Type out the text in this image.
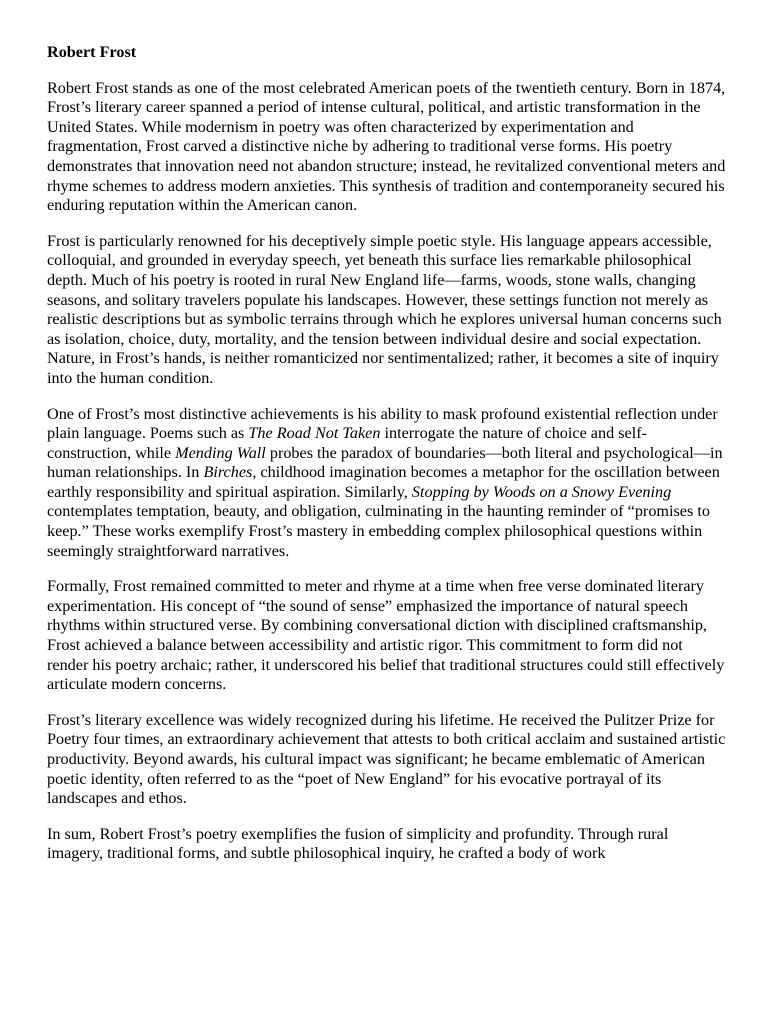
Robert Frost

Robert Frost stands as one of the most celebrated American poets of the twentieth century. Born in 1874, Frost’s literary career spanned a period of intense cultural, political, and artistic transformation in the United States. While modernism in poetry was often characterized by experimentation and fragmentation, Frost carved a distinctive niche by adhering to traditional verse forms. His poetry demonstrates that innovation need not abandon structure; instead, he revitalized conventional meters and rhyme schemes to address modern anxieties. This synthesis of tradition and contemporaneity secured his enduring reputation within the American canon.

Frost is particularly renowned for his deceptively simple poetic style. His language appears accessible, colloquial, and grounded in everyday speech, yet beneath this surface lies remarkable philosophical depth. Much of his poetry is rooted in rural New England life—farms, woods, stone walls, changing seasons, and solitary travelers populate his landscapes. However, these settings function not merely as realistic descriptions but as symbolic terrains through which he explores universal human concerns such as isolation, choice, duty, mortality, and the tension between individual desire and social expectation. Nature, in Frost’s hands, is neither romanticized nor sentimentalized; rather, it becomes a site of inquiry into the human condition.

One of Frost’s most distinctive achievements is his ability to mask profound existential reflection under plain language. Poems such as The Road Not Taken interrogate the nature of choice and self-construction, while Mending Wall probes the paradox of boundaries—both literal and psychological—in human relationships. In Birches, childhood imagination becomes a metaphor for the oscillation between earthly responsibility and spiritual aspiration. Similarly, Stopping by Woods on a Snowy Evening contemplates temptation, beauty, and obligation, culminating in the haunting reminder of “promises to keep.” These works exemplify Frost’s mastery in embedding complex philosophical questions within seemingly straightforward narratives.

Formally, Frost remained committed to meter and rhyme at a time when free verse dominated literary experimentation. His concept of “the sound of sense” emphasized the importance of natural speech rhythms within structured verse. By combining conversational diction with disciplined craftsmanship, Frost achieved a balance between accessibility and artistic rigor. This commitment to form did not render his poetry archaic; rather, it underscored his belief that traditional structures could still effectively articulate modern concerns.

Frost’s literary excellence was widely recognized during his lifetime. He received the Pulitzer Prize for Poetry four times, an extraordinary achievement that attests to both critical acclaim and sustained artistic productivity. Beyond awards, his cultural impact was significant; he became emblematic of American poetic identity, often referred to as the “poet of New England” for his evocative portrayal of its landscapes and ethos.

In sum, Robert Frost’s poetry exemplifies the fusion of simplicity and profundity. Through rural imagery, traditional forms, and subtle philosophical inquiry, he crafted a body of work
